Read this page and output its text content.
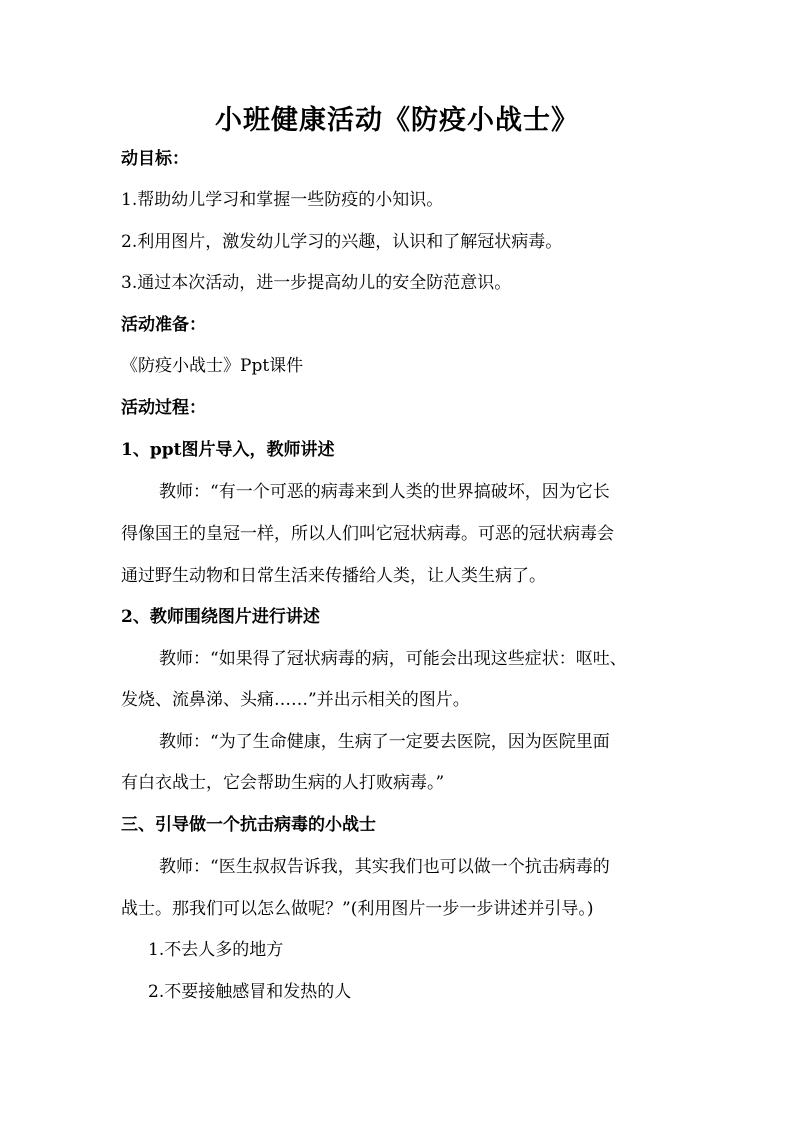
小班健康活动《防疫小战士》
动目标：
1.帮助幼儿学习和掌握一些防疫的小知识。
2.利用图片，激发幼儿学习的兴趣，认识和了解冠状病毒。
3.通过本次活动，进一步提高幼儿的安全防范意识。
活动准备：
《防疫小战士》Ppt课件
活动过程：
1、ppt图片导入，教师讲述
教师：“有一个可恶的病毒来到人类的世界搞破坏，因为它长
得像国王的皇冠一样，所以人们叫它冠状病毒。可恶的冠状病毒会
通过野生动物和日常生活来传播给人类，让人类生病了。
2、教师围绕图片进行讲述
教师：“如果得了冠状病毒的病，可能会出现这些症状：呕吐、
发烧、流鼻涕、头痛……”并出示相关的图片。
教师：“为了生命健康，生病了一定要去医院，因为医院里面
有白衣战士，它会帮助生病的人打败病毒。”
三、引导做一个抗击病毒的小战士
教师：“医生叔叔告诉我，其实我们也可以做一个抗击病毒的
战士。那我们可以怎么做呢？”(利用图片一步一步讲述并引导。)
1.不去人多的地方
2.不要接触感冒和发热的人
